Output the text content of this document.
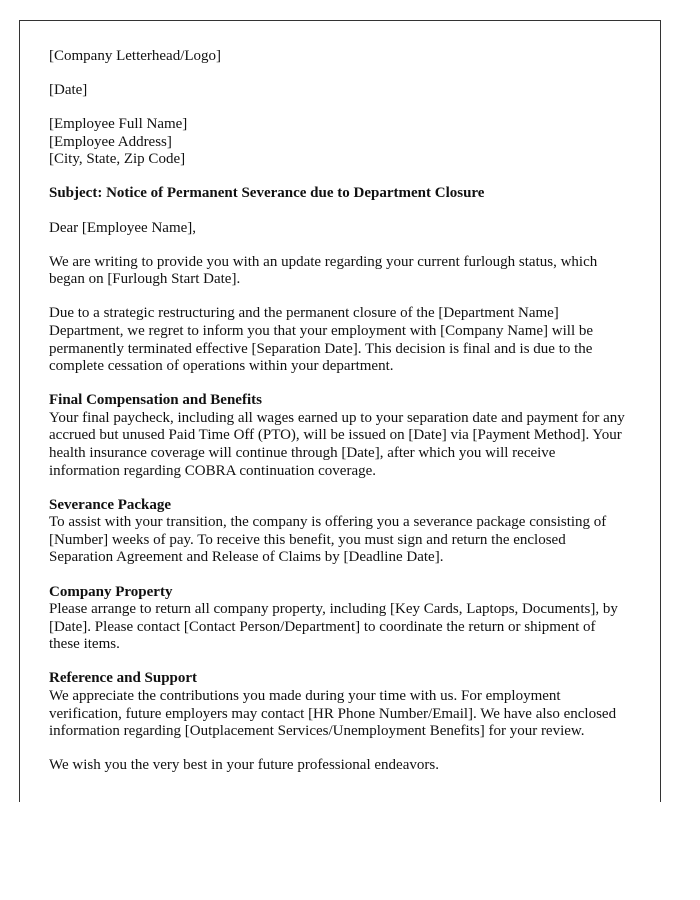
[Company Letterhead/Logo]

[Date]

[Employee Full Name]
[Employee Address]
[City, State, Zip Code]

Subject: Notice of Permanent Severance due to Department Closure

Dear [Employee Name],

We are writing to provide you with an update regarding your current furlough status, which began on [Furlough Start Date].

Due to a strategic restructuring and the permanent closure of the [Department Name] Department, we regret to inform you that your employment with [Company Name] will be permanently terminated effective [Separation Date]. This decision is final and is due to the complete cessation of operations within your department.

Final Compensation and Benefits
Your final paycheck, including all wages earned up to your separation date and payment for any accrued but unused Paid Time Off (PTO), will be issued on [Date] via [Payment Method]. Your health insurance coverage will continue through [Date], after which you will receive information regarding COBRA continuation coverage.

Severance Package
To assist with your transition, the company is offering you a severance package consisting of [Number] weeks of pay. To receive this benefit, you must sign and return the enclosed Separation Agreement and Release of Claims by [Deadline Date].

Company Property
Please arrange to return all company property, including [Key Cards, Laptops, Documents], by [Date]. Please contact [Contact Person/Department] to coordinate the return or shipment of these items.

Reference and Support
We appreciate the contributions you made during your time with us. For employment verification, future employers may contact [HR Phone Number/Email]. We have also enclosed information regarding [Outplacement Services/Unemployment Benefits] for your review.

We wish you the very best in your future professional endeavors.
